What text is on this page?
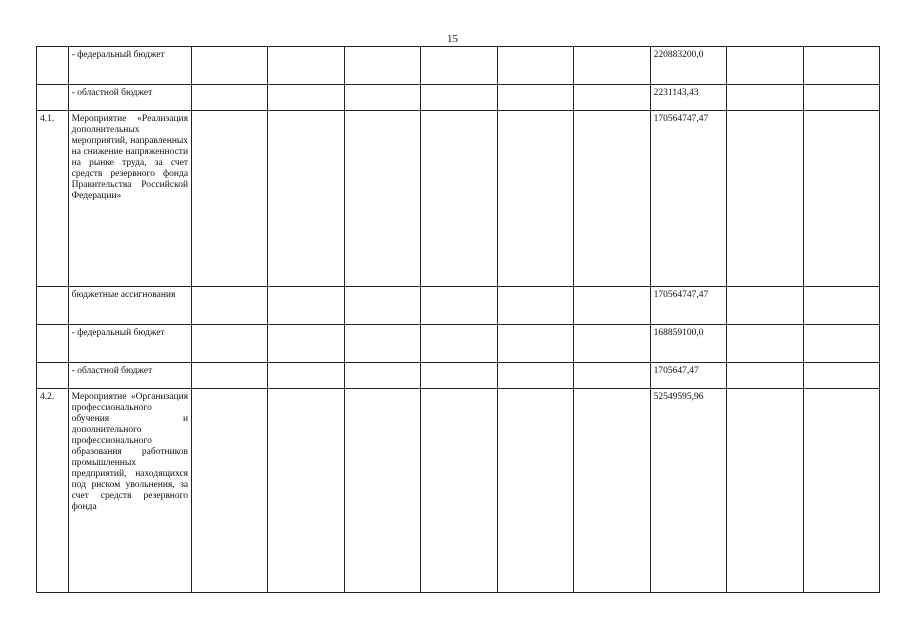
15
	- федеральный бюджет							220883200,0		
	- областной бюджет							2231143,43		
4.1.	Мероприятие «Реализация дополнительных мероприятий, направленных на снижение напряженности на рынке труда, за счет средств резервного фонда Правительства Российской Федерации»							170564747,47		
	бюджетные ассигнования							170564747,47		
	- федеральный бюджет							168859100,0		
	- областной бюджет							1705647,47		
4.2.	Мероприятие «Организация профессионального обучения и дополнительного профессионального образования работников промышленных предприятий, находящихся под риском увольнения, за счет средств резервного фонда							52549595,96		
